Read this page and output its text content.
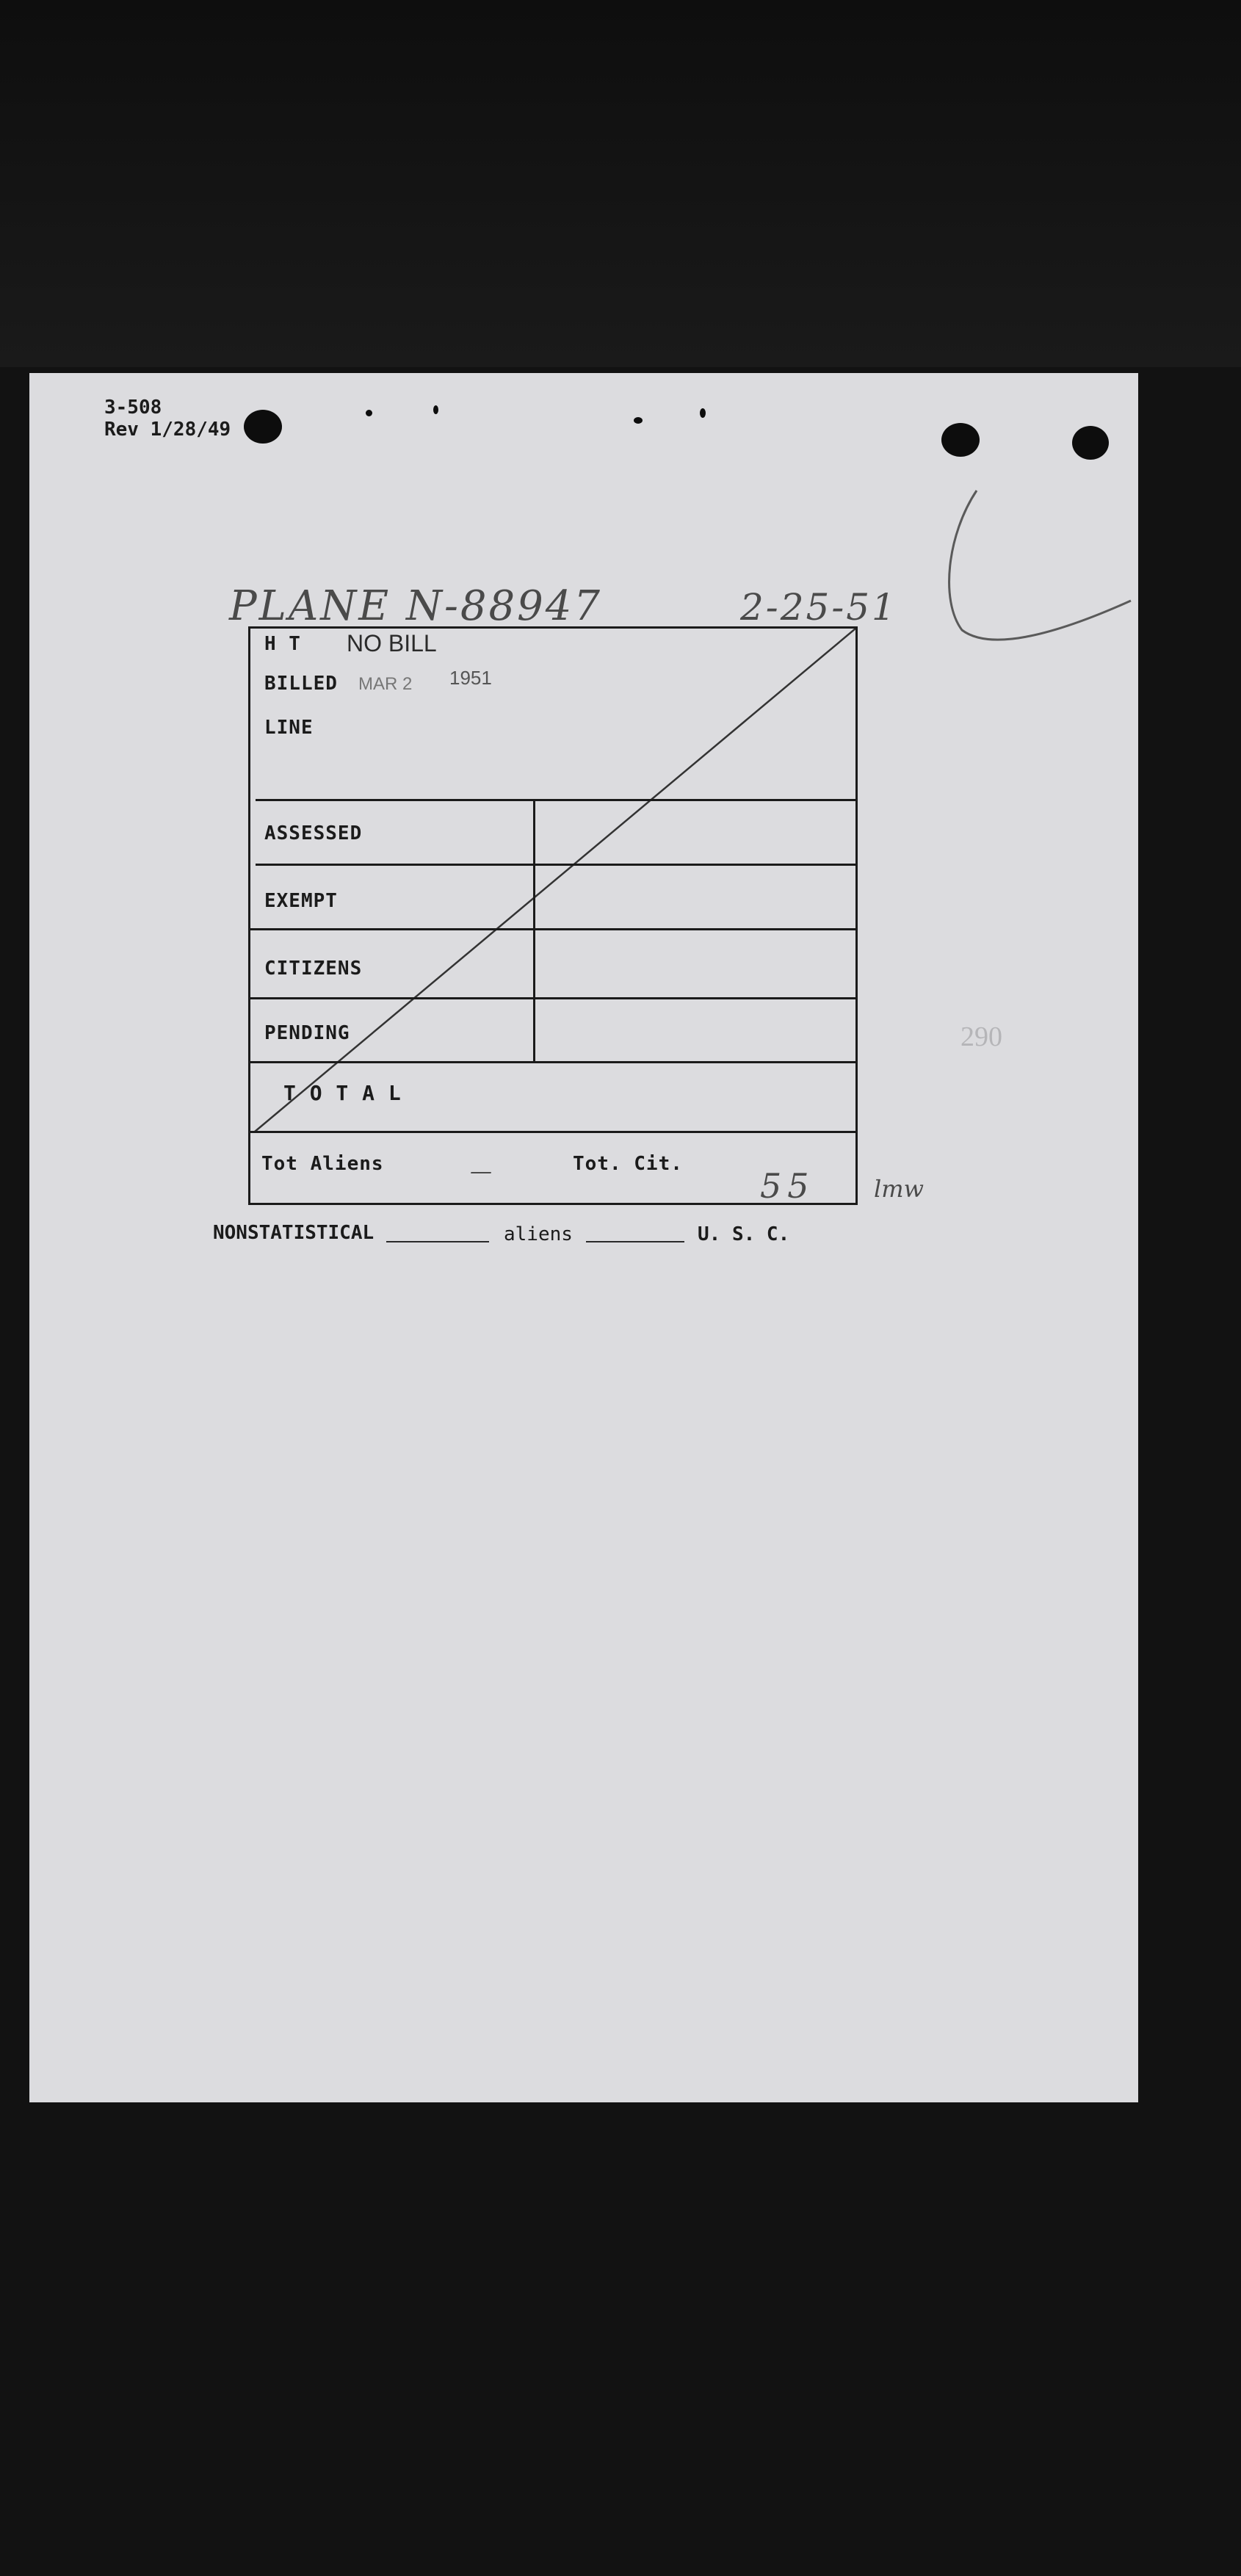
3-508
Rev 1/28/49
PLANE N-88947	2-25-51
H T NO BILL
BILLED MAR 2 1951
LINE
ASSESSED
EXEMPT
CITIZENS
PENDING
T O T A L
Tot Aliens	—	Tot. Cit.
55	lmw
290
NONSTATISTICAL	aliens	U. S. C.
